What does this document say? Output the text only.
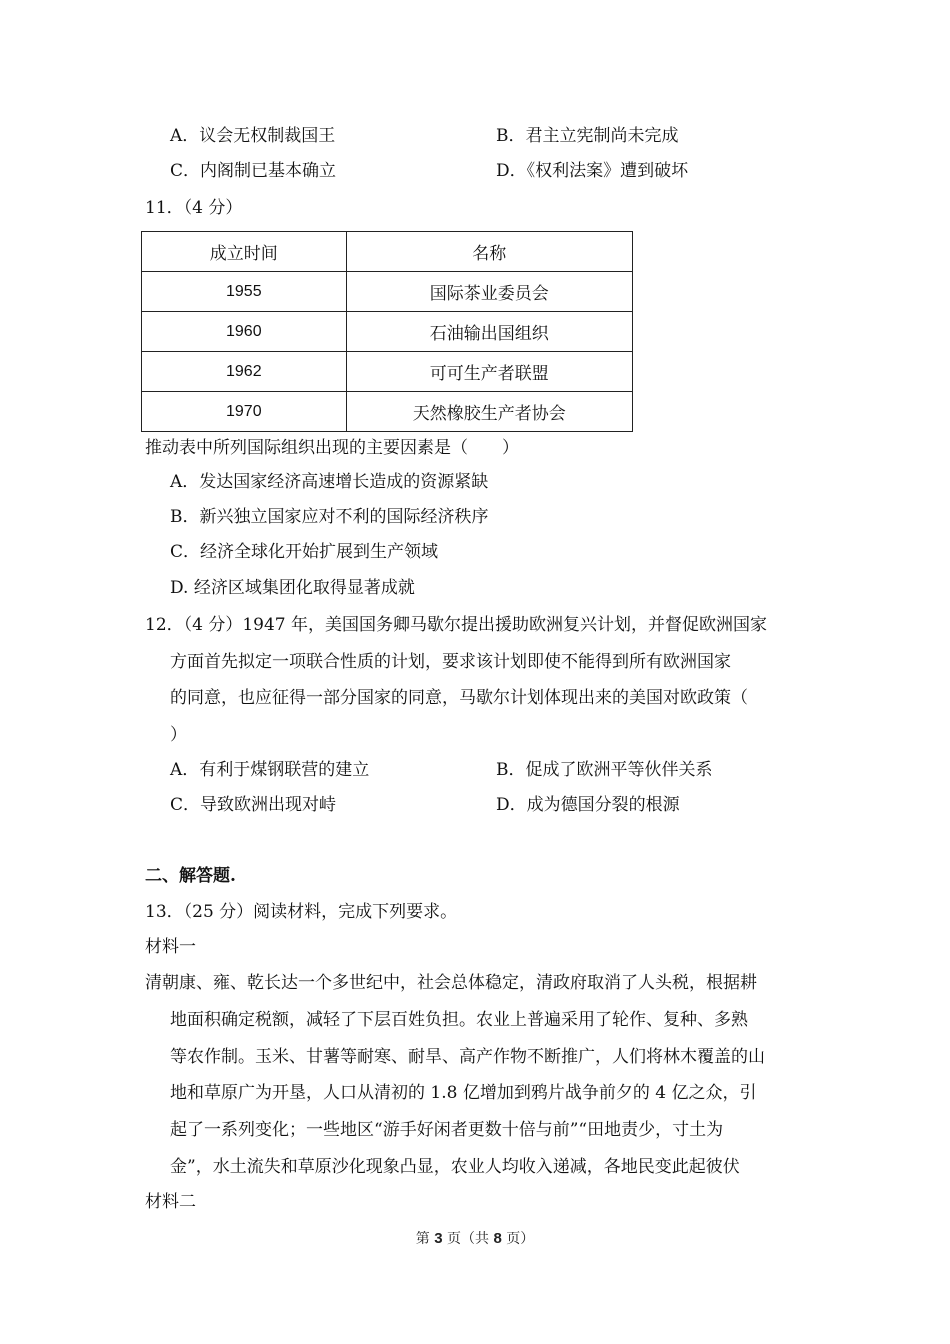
A．议会无权制裁国王	B．君主立宪制尚未完成
C．内阁制已基本确立	D．《权利法案》遭到破坏
11．（4 分）
成立时间	名称
1955	国际茶业委员会
1960	石油输出国组织
1962	可可生产者联盟
1970	天然橡胶生产者协会
推动表中所列国际组织出现的主要因素是（　　）
A．发达国家经济高速增长造成的资源紧缺
B．新兴独立国家应对不利的国际经济秩序
C．经济全球化开始扩展到生产领域
D. 经济区域集团化取得显著成就
12．（4 分）1947 年，美国国务卿马歇尔提出援助欧洲复兴计划，并督促欧洲国家
方面首先拟定一项联合性质的计划，要求该计划即使不能得到所有欧洲国家
的同意，也应征得一部分国家的同意，马歇尔计划体现出来的美国对欧政策（
）
A．有利于煤钢联营的建立	B．促成了欧洲平等伙伴关系
C．导致欧洲出现对峙	D．成为德国分裂的根源
二、解答题.
13．（25 分）阅读材料，完成下列要求。
材料一
清朝康、雍、乾长达一个多世纪中，社会总体稳定，清政府取消了人头税，根据耕
地面积确定税额，减轻了下层百姓负担。农业上普遍采用了轮作、复种、多熟
等农作制。玉米、甘薯等耐寒、耐旱、高产作物不断推广，人们将林木覆盖的山
地和草原广为开垦，人口从清初的 1.8 亿增加到鸦片战争前夕的 4 亿之众，引
起了一系列变化；一些地区“游手好闲者更数十倍与前”“田地责少，寸土为
金”，水土流失和草原沙化现象凸显，农业人均收入递减，各地民变此起彼伏
材料二
第 3 页（共 8 页）
